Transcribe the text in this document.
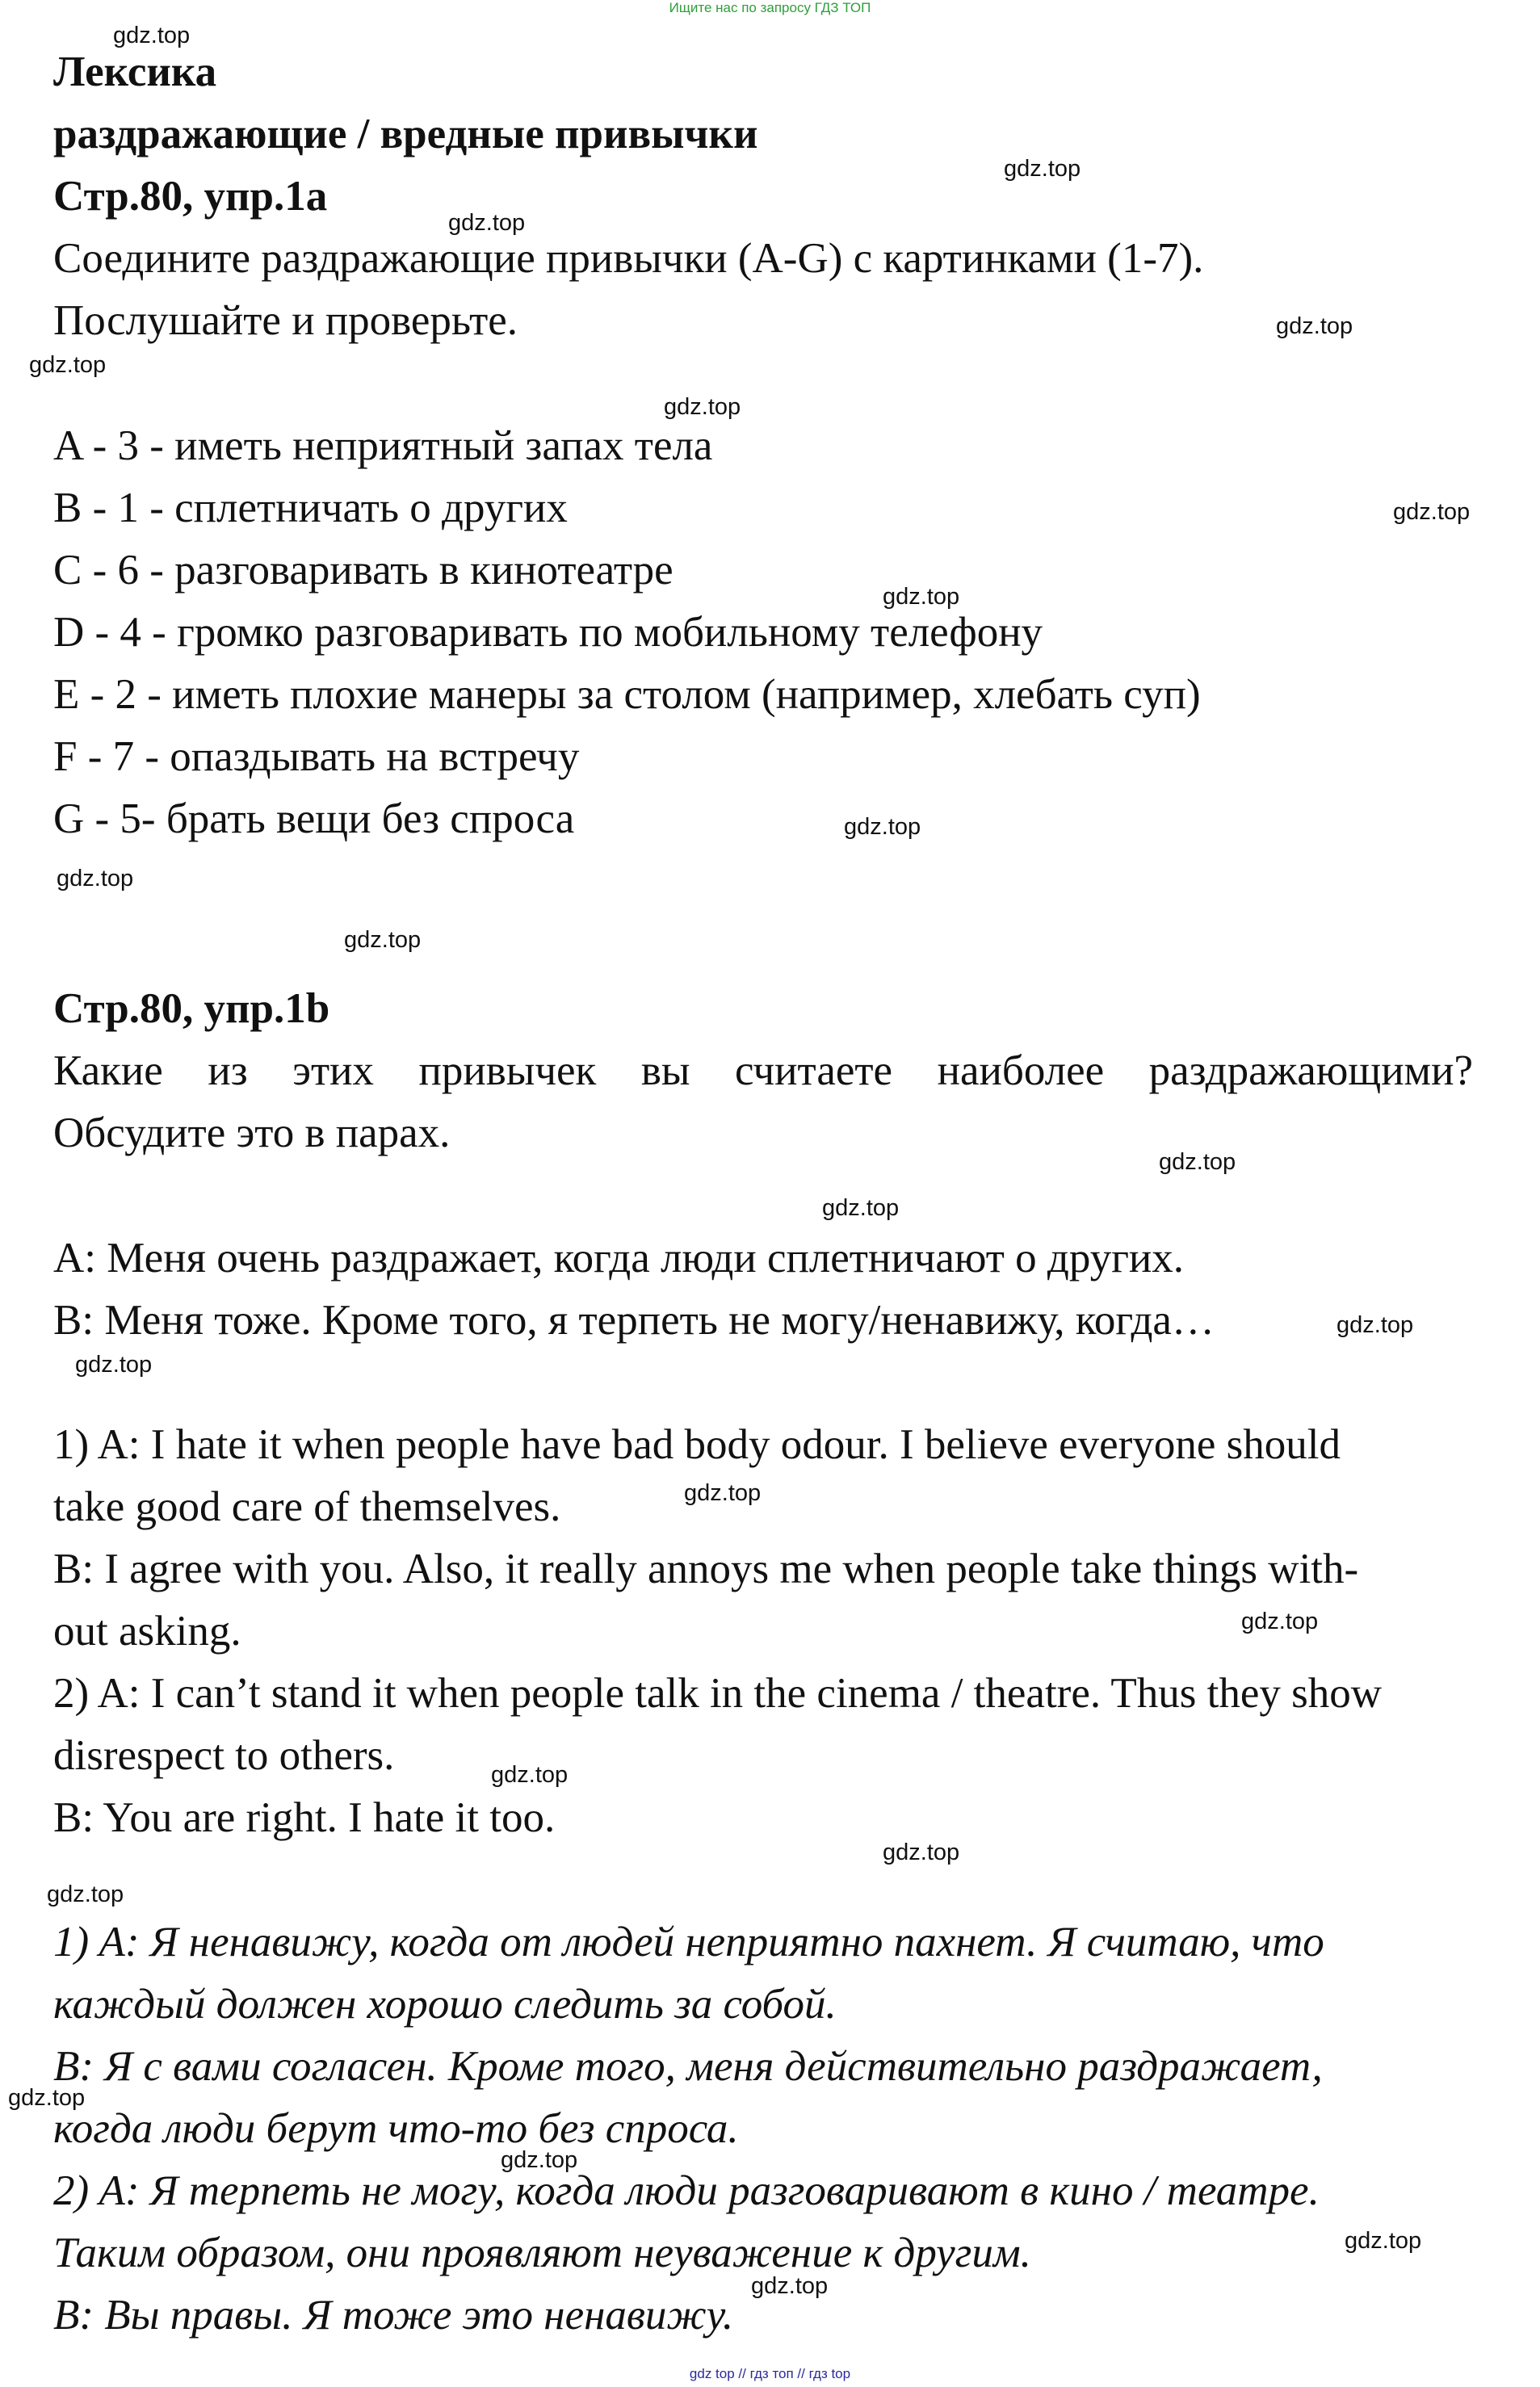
Ищите нас по запросу ГДЗ ТОП
Лексика
раздражающие / вредные привычки
Стр.80, упр.1a
Соедините раздражающие привычки (A-G) с картинками (1-7).
Послушайте и проверьте.
A - 3 - иметь неприятный запах тела
B - 1 - сплетничать о других
C - 6 - разговаривать в кинотеатре
D - 4 - громко разговаривать по мобильному телефону
E - 2 - иметь плохие манеры за столом (например, хлебать суп)
F - 7 - опаздывать на встречу
G - 5- брать вещи без спроса
Стр.80, упр.1b
Какие из этих привычек вы считаете наиболее раздражающими?
Обсудите это в парах.
A: Меня очень раздражает, когда люди сплетничают о других.
B: Меня тоже. Кроме того, я терпеть не могу/ненавижу, когда…
1) A: I hate it when people have bad body odour. I believe everyone should
take good care of themselves.
B: I agree with you. Also, it really annoys me when people take things with-
out asking.
2) A: I can’t stand it when people talk in the cinema / theatre. Thus they show
disrespect to others.
B: You are right. I hate it too.
1) A: Я ненавижу, когда от людей неприятно пахнет. Я считаю, что
каждый должен хорошо следить за собой.
B: Я с вами согласен. Кроме того, меня действительно раздражает,
когда люди берут что-то без спроса.
2) A: Я терпеть не могу, когда люди разговаривают в кино / театре.
Таким образом, они проявляют неуважение к другим.
B: Вы правы. Я тоже это ненавижу.
gdz.top
gdz.top
gdz.top
gdz.top
gdz.top
gdz.top
gdz.top
gdz.top
gdz.top
gdz.top
gdz.top
gdz.top
gdz.top
gdz.top
gdz.top
gdz.top
gdz.top
gdz.top
gdz.top
gdz.top
gdz.top
gdz.top
gdz.top
gdz.top
gdz top // гдз топ // гдз top
